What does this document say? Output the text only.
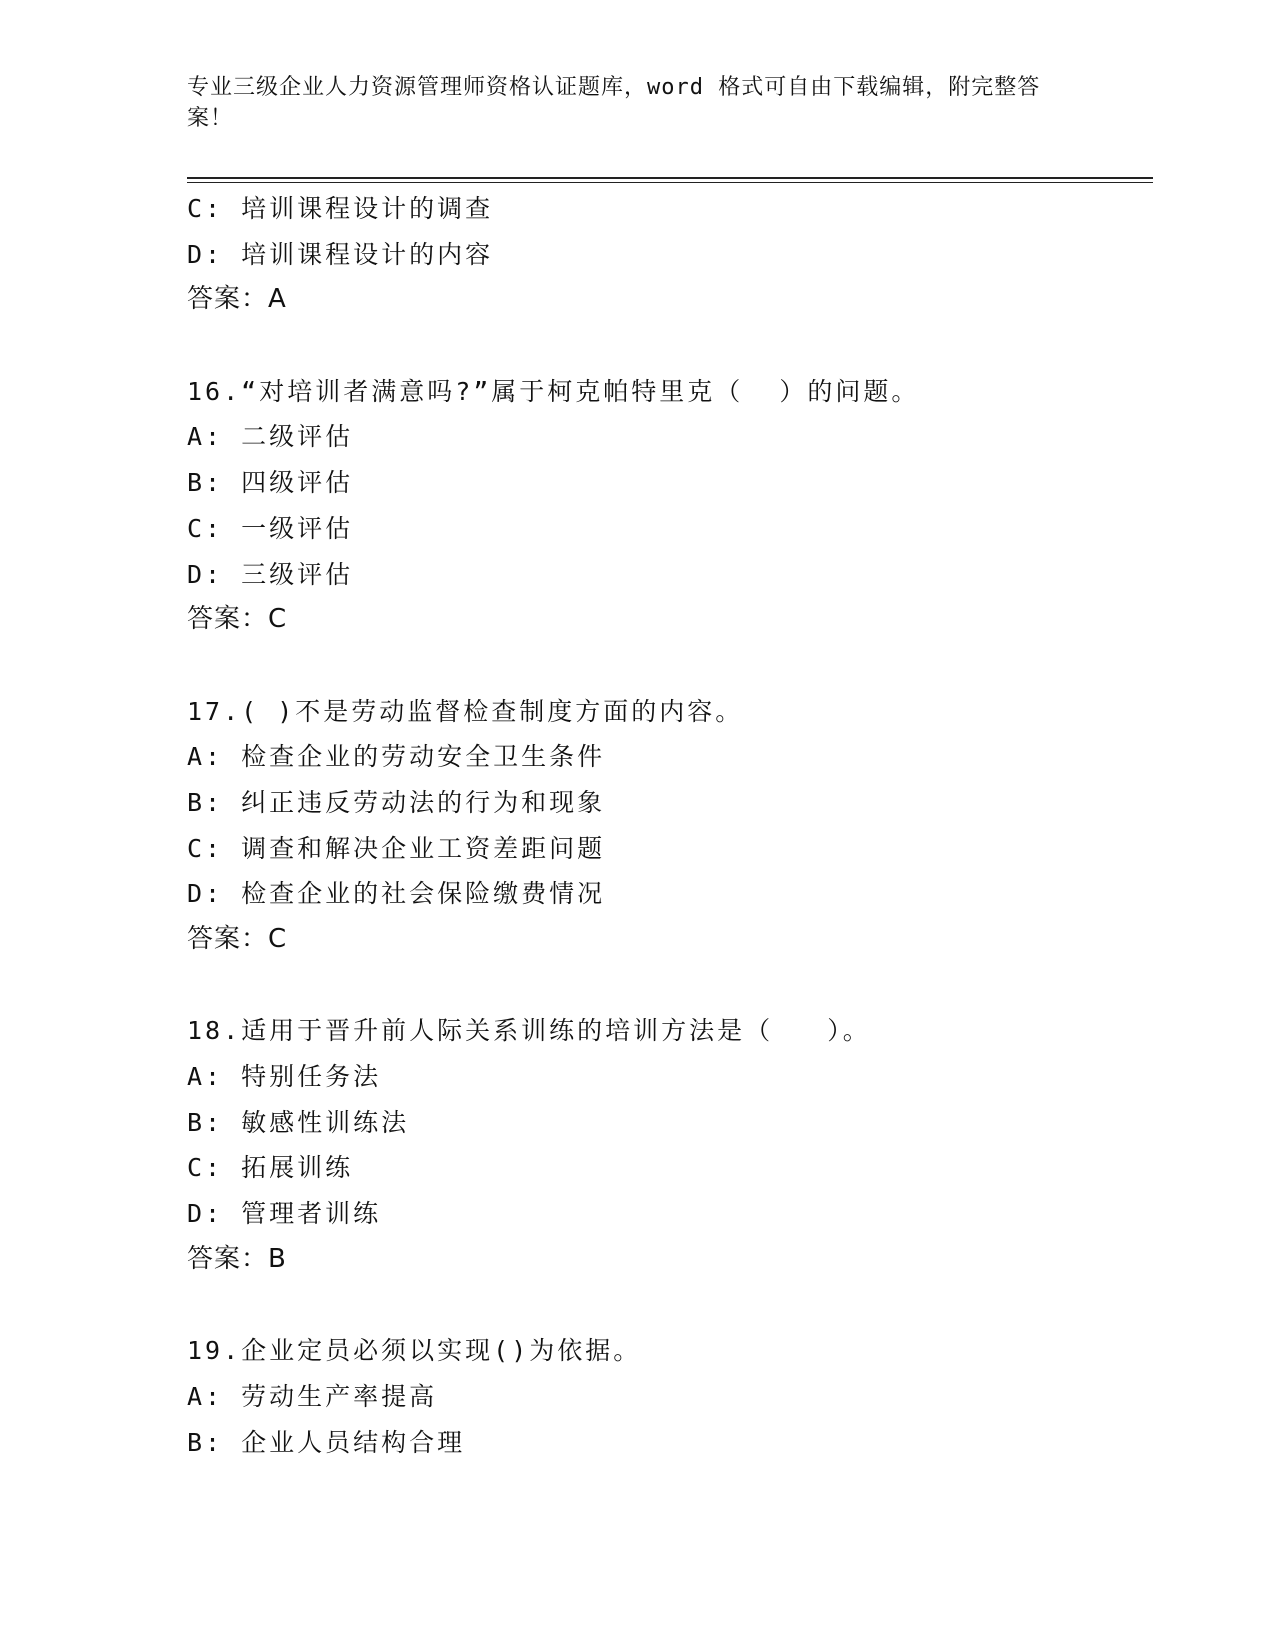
专业三级企业人力资源管理师资格认证题库，word 格式可自由下载编辑，附完整答案！
C: 培训课程设计的调查
D: 培训课程设计的内容
答案：A
16.“对培训者满意吗?”属于柯克帕特里克（  ）的问题。
A: 二级评估
B: 四级评估
C: 一级评估
D: 三级评估
答案：C
17.( )不是劳动监督检查制度方面的内容。
A: 检查企业的劳动安全卫生条件
B: 纠正违反劳动法的行为和现象
C: 调查和解决企业工资差距问题
D: 检查企业的社会保险缴费情况
答案：C
18.适用于晋升前人际关系训练的培训方法是（   ）。
A: 特别任务法
B: 敏感性训练法
C: 拓展训练
D: 管理者训练
答案：B
19.企业定员必须以实现()为依据。
A: 劳动生产率提高
B: 企业人员结构合理
